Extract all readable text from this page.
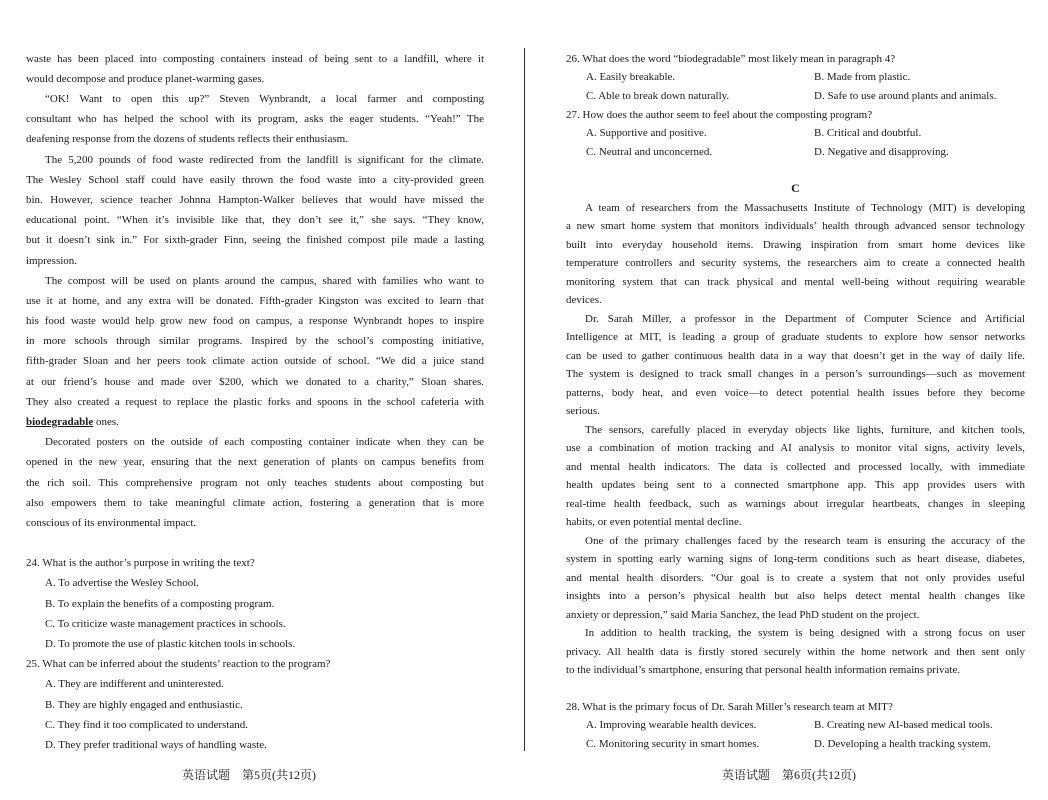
waste has been placed into composting containers instead of being sent to a landfill, where it
would decompose and produce planet-warming gases.
“OK! Want to open this up?” Steven Wynbrandt, a local farmer and composting
consultant who has helped the school with its program, asks the eager students. “Yeah!” The
deafening response from the dozens of students reflects their enthusiasm.
The 5,200 pounds of food waste redirected from the landfill is significant for the climate.
The Wesley School staff could have easily thrown the food waste into a city-provided green
bin. However, science teacher Johnna Hampton-Walker believes that would have missed the
educational point. “When it’s invisible like that, they don’t see it,” she says. “They know,
but it doesn’t sink in.” For sixth-grader Finn, seeing the finished compost pile made a lasting
impression.
The compost will be used on plants around the campus, shared with families who want to
use it at home, and any extra will be donated. Fifth-grader Kingston was excited to learn that
his food waste would help grow new food on campus, a response Wynbrandt hopes to inspire
in more schools through similar programs. Inspired by the school’s composting initiative,
fifth-grader Sloan and her peers took climate action outside of school. “We did a juice stand
at our friend’s house and made over $200, which we donated to a charity,” Sloan shares.
They also created a request to replace the plastic forks and spoons in the school cafeteria with
biodegradable ones.
Decorated posters on the outside of each composting container indicate when they can be
opened in the new year, ensuring that the next generation of plants on campus benefits from
the rich soil. This comprehensive program not only teaches students about composting but
also empowers them to take meaningful climate action, fostering a generation that is more
conscious of its environmental impact.
24. What is the author’s purpose in writing the text?
A. To advertise the Wesley School.
B. To explain the benefits of a composting program.
C. To criticize waste management practices in schools.
D. To promote the use of plastic kitchen tools in schools.
25. What can be inferred about the students’ reaction to the program?
A. They are indifferent and uninterested.
B. They are highly engaged and enthusiastic.
C. They find it too complicated to understand.
D. They prefer traditional ways of handling waste.
英语试题　第5页(共12页)
26. What does the word “biodegradable” most likely mean in paragraph 4?
A. Easily breakable.	B. Made from plastic.
C. Able to break down naturally.	D. Safe to use around plants and animals.
27. How does the author seem to feel about the composting program?
A. Supportive and positive.	B. Critical and doubtful.
C. Neutral and unconcerned.	D. Negative and disapproving.
C
A team of researchers from the Massachusetts Institute of Technology (MIT) is developing
a new smart home system that monitors individuals’ health through advanced sensor technology
built into everyday household items. Drawing inspiration from smart home devices like
temperature controllers and security systems, the researchers aim to create a connected health
monitoring system that can track physical and mental well-being without requiring wearable
devices.
Dr. Sarah Miller, a professor in the Department of Computer Science and Artificial
Intelligence at MIT, is leading a group of graduate students to explore how sensor networks
can be used to gather continuous health data in a way that doesn’t get in the way of daily life.
The system is designed to track small changes in a person’s surroundings—such as movement
patterns, body heat, and even voice—to detect potential health issues before they become
serious.
The sensors, carefully placed in everyday objects like lights, furniture, and kitchen tools,
use a combination of motion tracking and AI analysis to monitor vital signs, activity levels,
and mental health indicators. The data is collected and processed locally, with immediate
health updates being sent to a connected smartphone app. This app provides users with
real-time health feedback, such as warnings about irregular heartbeats, changes in sleeping
habits, or even potential mental decline.
One of the primary challenges faced by the research team is ensuring the accuracy of the
system in spotting early warning signs of long-term conditions such as heart disease, diabetes,
and mental health disorders. “Our goal is to create a system that not only provides useful
insights into a person’s physical health but also helps detect mental health changes like
anxiety or depression,” said Maria Sanchez, the lead PhD student on the project.
In addition to health tracking, the system is being designed with a strong focus on user
privacy. All health data is firstly stored securely within the home network and then sent only
to the individual’s smartphone, ensuring that personal health information remains private.
28. What is the primary focus of Dr. Sarah Miller’s research team at MIT?
A. Improving wearable health devices.	B. Creating new AI-based medical tools.
C. Monitoring security in smart homes.	D. Developing a health tracking system.
英语试题　第6页(共12页)
